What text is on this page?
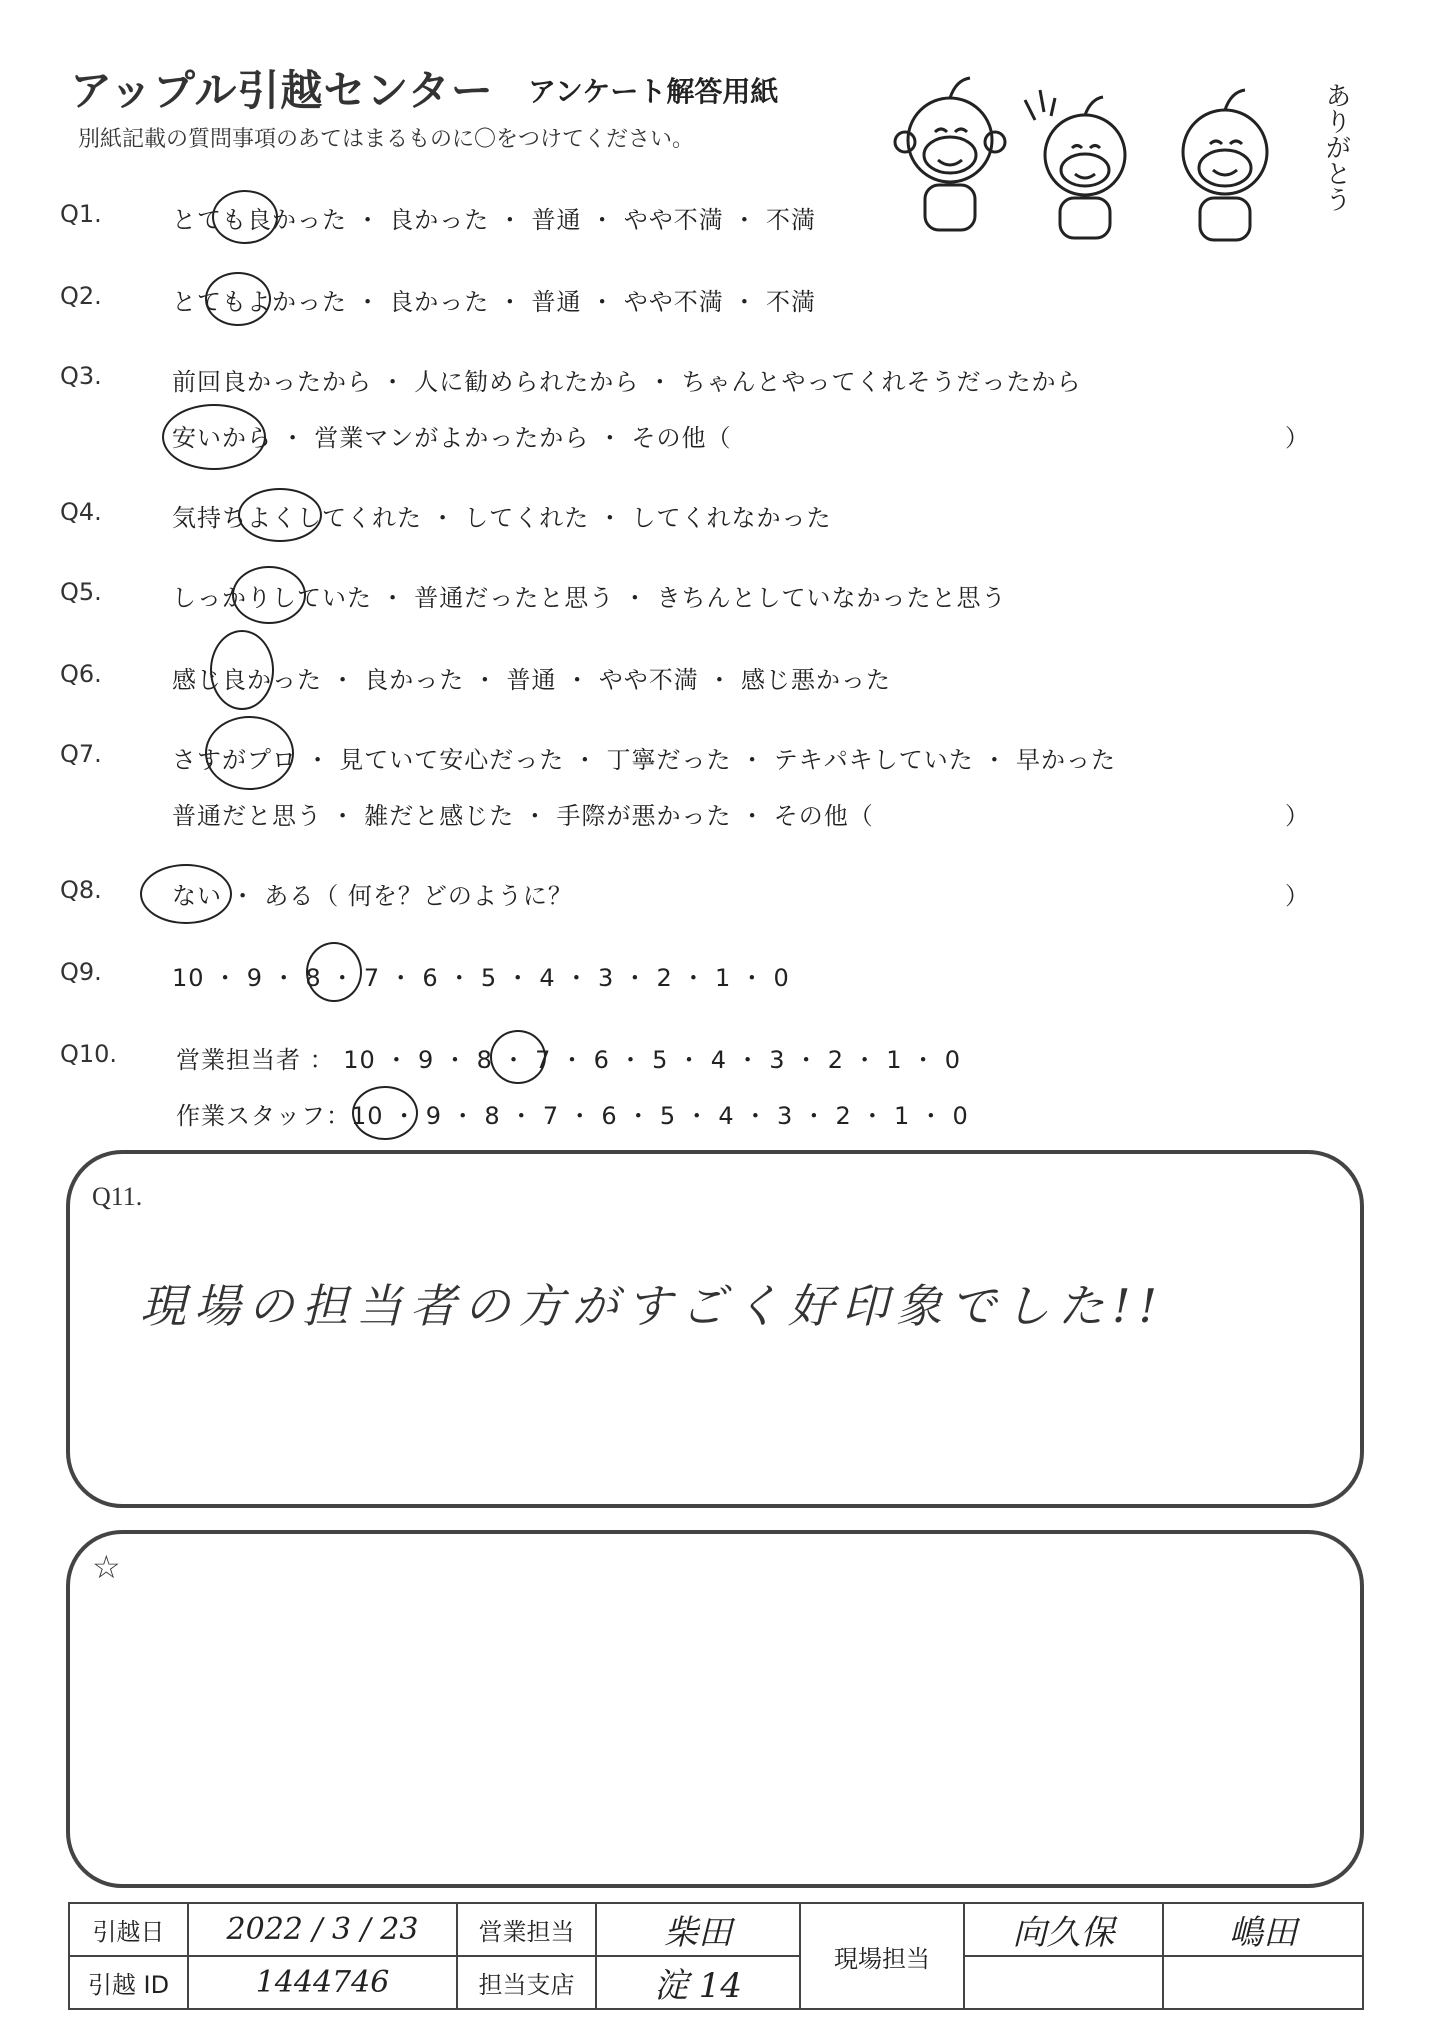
アップル引越センター アンケート解答用紙
別紙記載の質問事項のあてはまるものに〇をつけてください。	ありがとう
Q1.	とても良かった ・ 良かった ・ 普通 ・ やや不満 ・ 不満
Q2.	とてもよかった ・ 良かった ・ 普通 ・ やや不満 ・ 不満
Q3.	前回良かったから ・ 人に勧められたから ・ ちゃんとやってくれそうだったから
安いから ・ 営業マンがよかったから ・ その他（	）
Q4.	気持ちよくしてくれた ・ してくれた ・ してくれなかった
Q5.	しっかりしていた ・ 普通だったと思う ・ きちんとしていなかったと思う
Q6.	感じ良かった ・ 良かった ・ 普通 ・ やや不満 ・ 感じ悪かった
Q7.	さすがプロ ・ 見ていて安心だった ・ 丁寧だった ・ テキパキしていた ・ 早かった
普通だと思う ・ 雑だと感じた ・ 手際が悪かった ・ その他（	）
Q8.	ない ・ ある（ 何を？どのように？	）
Q9.	10 ・ 9 ・ 8 ・ 7 ・ 6 ・ 5 ・ 4 ・ 3 ・ 2 ・ 1 ・ 0
Q10. 営業担当者 ： 10 ・ 9 ・ 8 ・ 7 ・ 6 ・ 5 ・ 4 ・ 3 ・ 2 ・ 1 ・ 0
作業スタッフ：10 ・ 9 ・ 8 ・ 7 ・ 6 ・ 5 ・ 4 ・ 3 ・ 2 ・ 1 ・ 0
Q11.
現場の担当者の方がすごく好印象でした!!
☆
引越日	2022 / 3 / 23	営業担当	柴田	現場担当	向久保	嶋田
引越 ID	1444746	担当支店	淀 14			
